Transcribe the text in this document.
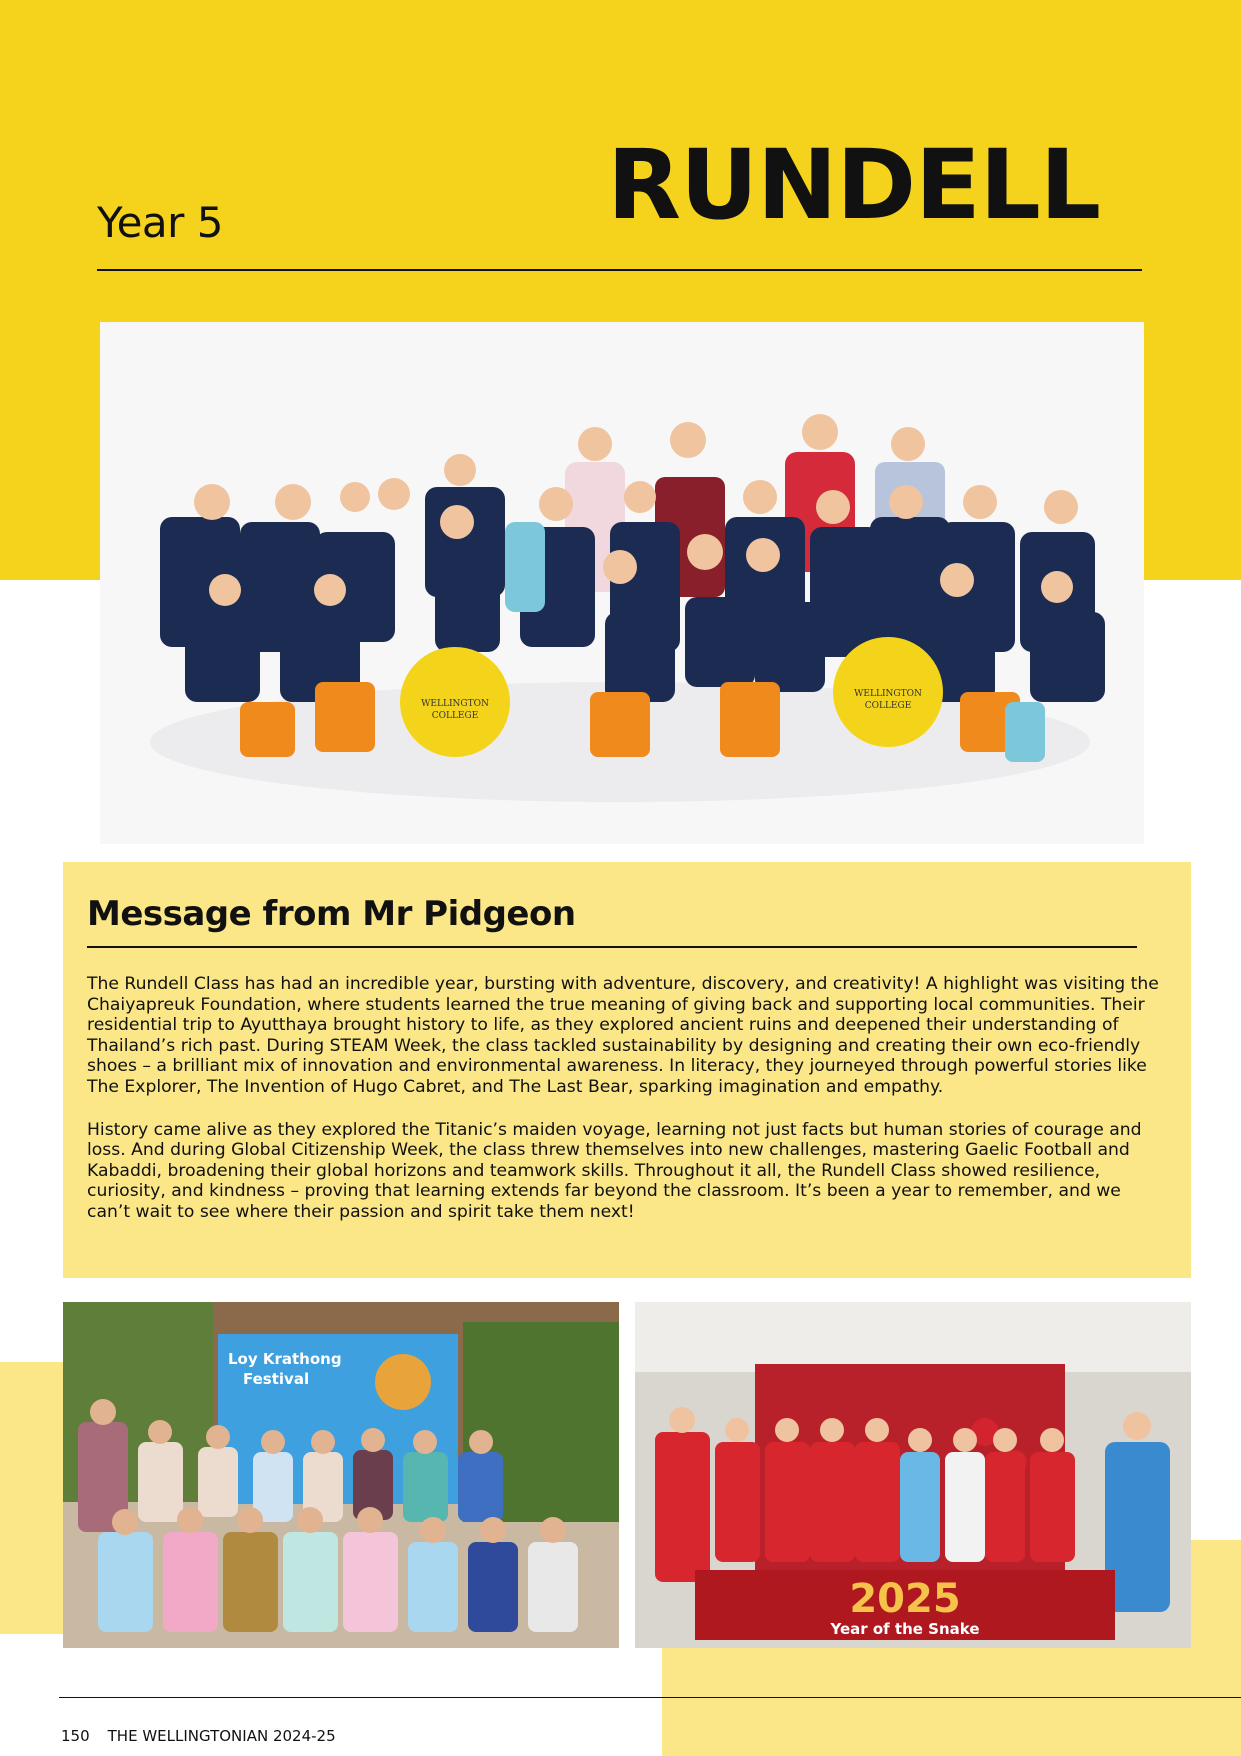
Year 5	RUNDELL
WELLINGTON
COLLEGE
WELLINGTON
COLLEGE
Message from Mr Pidgeon

The Rundell Class has had an incredible year, bursting with adventure, discovery, and creativity! A highlight was visiting the Chaiyapreuk Foundation, where students learned the true meaning of giving back and supporting local communities. Their residential trip to Ayutthaya brought history to life, as they explored ancient ruins and deepened their understanding of Thailand’s rich past. During STEAM Week, the class tackled sustainability by designing and creating their own eco-friendly shoes – a brilliant mix of innovation and environmental awareness. In literacy, they journeyed through powerful stories like The Explorer, The Invention of Hugo Cabret, and The Last Bear, sparking imagination and empathy.

History came alive as they explored the Titanic’s maiden voyage, learning not just facts but human stories of courage and loss. And during Global Citizenship Week, the class threw themselves into new challenges, mastering Gaelic Football and Kabaddi, broadening their global horizons and teamwork skills. Throughout it all, the Rundell Class showed resilience, curiosity, and kindness – proving that learning extends far beyond the classroom. It’s been a year to remember, and we can’t wait to see where their passion and spirit take them next!

Loy Krathong
Festival
2025
Year of the Snake
150 THE WELLINGTONIAN 2024-25
